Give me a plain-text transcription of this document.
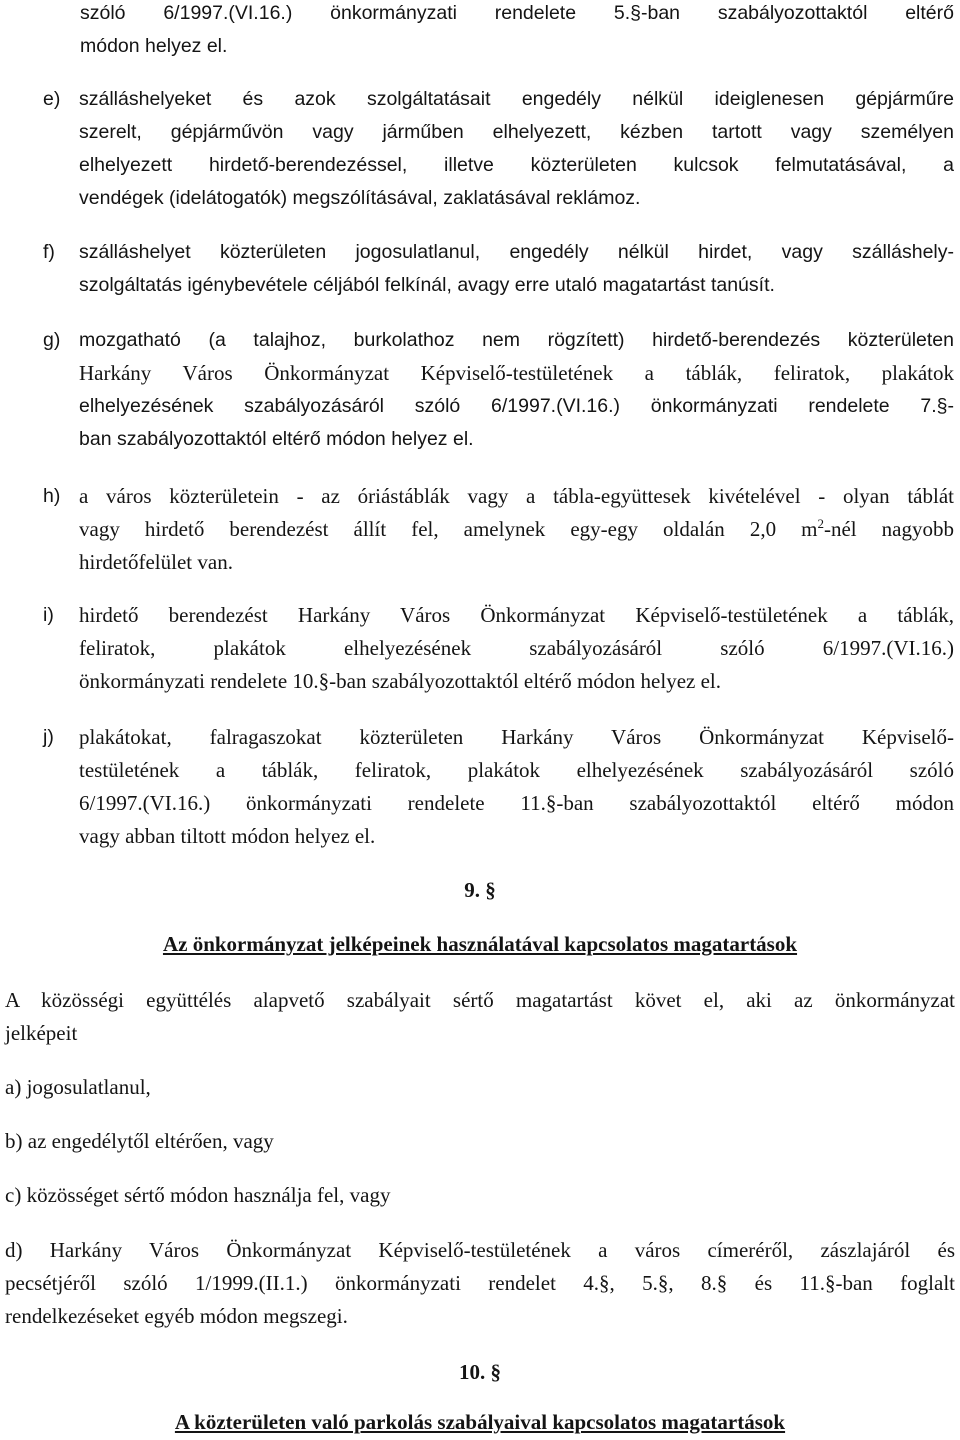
szóló 6/1997.(VI.16.) önkormányzati rendelete 5.§-ban szabályozottaktól eltérő
módon helyez el.
e) szálláshelyeket és azok szolgáltatásait engedély nélkül ideiglenesen gépjárműre
szerelt, gépjárművön vagy járműben elhelyezett, kézben tartott vagy személyen
elhelyezett hirdető-berendezéssel, illetve közterületen kulcsok felmutatásával, a
vendégek (idelátogatók) megszólításával, zaklatásával reklámoz.
f) szálláshelyet közterületen jogosulatlanul, engedély nélkül hirdet, vagy szálláshely-
szolgáltatás igénybevétele céljából felkínál, avagy erre utaló magatartást tanúsít.
g) mozgatható (a talajhoz, burkolathoz nem rögzített) hirdető-berendezés közterületen
Harkány Város Önkormányzat Képviselő-testületének a táblák, feliratok, plakátok
elhelyezésének szabályozásáról szóló 6/1997.(VI.16.) önkormányzati rendelete 7.§-
ban szabályozottaktól eltérő módon helyez el.
h) a város közterületein - az óriástáblák vagy a tábla-együttesek kivételével - olyan táblát
vagy hirdető berendezést állít fel, amelynek egy-egy oldalán 2,0 $m^2$-nél nagyobb
hirdetőfelület van.
i) hirdető berendezést Harkány Város Önkormányzat Képviselő-testületének a táblák,
feliratok, plakátok elhelyezésének szabályozásáról szóló 6/1997.(VI.16.)
önkormányzati rendelete 10.§-ban szabályozottaktól eltérő módon helyez el.
j) plakátokat, falragaszokat közterületen Harkány Város Önkormányzat Képviselő-
testületének a táblák, feliratok, plakátok elhelyezésének szabályozásáról szóló
6/1997.(VI.16.) önkormányzati rendelete 11.§-ban szabályozottaktól eltérő módon
vagy abban tiltott módon helyez el.
9. §
Az önkormányzat jelképeinek használatával kapcsolatos magatartások
A közösségi együttélés alapvető szabályait sértő magatartást követ el, aki az önkormányzat
jelképeit
a) jogosulatlanul,
b) az engedélytől eltérően, vagy
c) közösséget sértő módon használja fel, vagy
d) Harkány Város Önkormányzat Képviselő-testületének a város címeréről, zászlajáról és
pecsétjéről szóló 1/1999.(II.1.) önkormányzati rendelet 4.§, 5.§, 8.§ és 11.§-ban foglalt
rendelkezéseket egyéb módon megszegi.
10. §
A közterületen való parkolás szabályaival kapcsolatos magatartások
